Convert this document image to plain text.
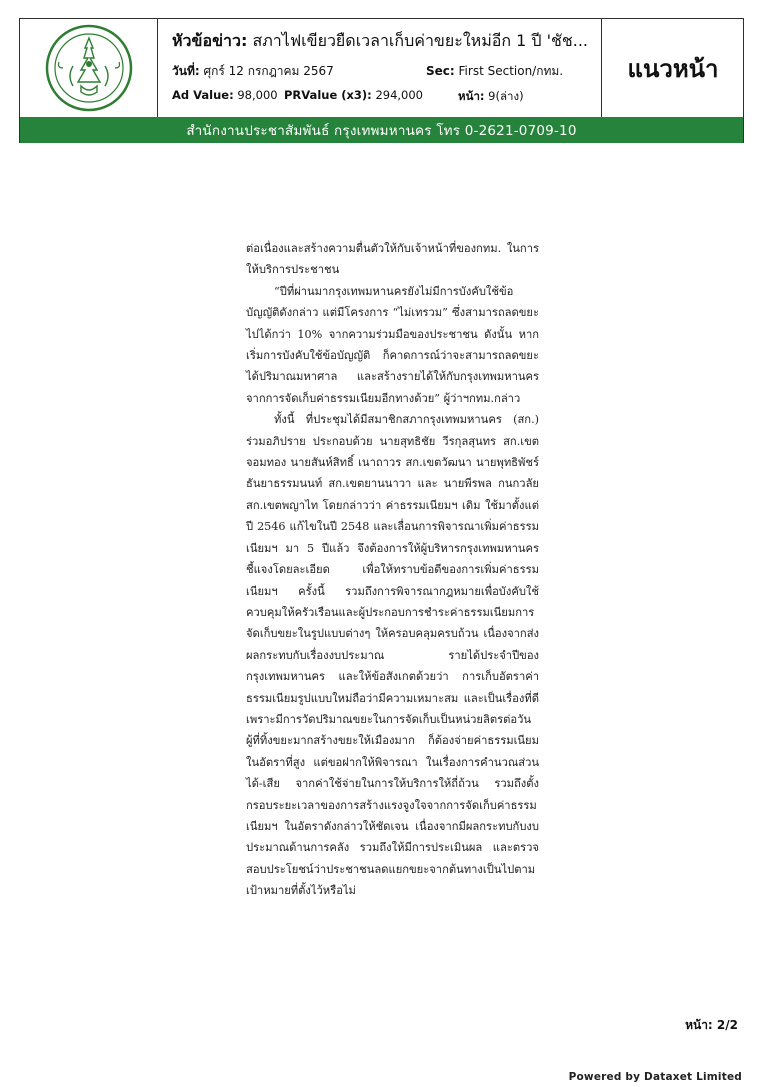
หัวข้อข่าว: สภาไฟเขียวยืดเวลาเก็บค่าขยะใหม่อีก 1 ปี 'ชัช...
วันที่: ศุกร์ 12 กรกฎาคม 2567	Sec: First Section/กทม.
Ad Value: 98,000 PRValue (x3): 294,000	หน้า: 9(ล่าง)
แนวหน้า
สำนักงานประชาสัมพันธ์ กรุงเทพมหานคร โทร 0-2621-0709-10

ต่อเนื่องและสร้างความตื่นตัวให้กับเจ้าหน้าที่ของกทม. ในการให้บริการประชาชน

“ปีที่ผ่านมากรุงเทพมหานครยังไม่มีการบังคับใช้ข้อบัญญัติดังกล่าว แต่มีโครงการ “ไม่เทรวม” ซึ่งสามารถลดขยะไปได้กว่า 10% จากความร่วมมือของประชาชน ดังนั้น หากเริ่มการบังคับใช้ข้อบัญญัติ ก็คาดการณ์ว่าจะสามารถลดขยะได้ปริมาณมหาศาล และสร้างรายได้ให้กับกรุงเทพมหานครจากการจัดเก็บค่าธรรมเนียมอีกทางด้วย” ผู้ว่าฯกทม.กล่าว

ทั้งนี้ ที่ประชุมได้มีสมาชิกสภากรุงเทพมหานคร (สก.) ร่วมอภิปราย ประกอบด้วย นายสุทธิชัย วีรกุลสุนทร สก.เขตจอมทอง นายสันห์สิทธิ์ เนาถาวร สก.เขตวัฒนา นายพุทธิพัชร์ ธันยาธรรมนนท์ สก.เขตยานนาวา และ นายพีรพล กนกวลัย สก.เขตพญาไท โดยกล่าวว่า ค่าธรรมเนียมฯ เดิม ใช้มาตั้งแต่ปี 2546 แก้ไขในปี 2548 และเลื่อนการพิจารณาเพิ่มค่าธรรมเนียมฯ มา 5 ปีแล้ว จึงต้องการให้ผู้บริหารกรุงเทพมหานครชี้แจงโดยละเอียด เพื่อให้ทราบข้อดีของการเพิ่มค่าธรรมเนียมฯ ครั้งนี้ รวมถึงการพิจารณากฎหมายเพื่อบังคับใช้ควบคุมให้ครัวเรือนและผู้ประกอบการชำระค่าธรรมเนียมการจัดเก็บขยะในรูปแบบต่างๆ ให้ครอบคลุมครบถ้วน เนื่องจากส่งผลกระทบกับเรื่องงบประมาณ รายได้ประจำปีของกรุงเทพมหานคร และให้ข้อสังเกตด้วยว่า การเก็บอัตราค่าธรรมเนียมรูปแบบใหม่ถือว่ามีความเหมาะสม และเป็นเรื่องที่ดีเพราะมีการวัดปริมาณขยะในการจัดเก็บเป็นหน่วยลิตรต่อวัน ผู้ที่ทิ้งขยะมากสร้างขยะให้เมืองมาก ก็ต้องจ่ายค่าธรรมเนียมในอัตราที่สูง แต่ขอฝากให้พิจารณา ในเรื่องการคำนวณส่วนได้-เสีย จากค่าใช้จ่ายในการให้บริการให้ถี่ถ้วน รวมถึงตั้งกรอบระยะเวลาของการสร้างแรงจูงใจจากการจัดเก็บค่าธรรมเนียมฯ ในอัตราดังกล่าวให้ชัดเจน เนื่องจากมีผลกระทบกับงบประมาณด้านการคลัง รวมถึงให้มีการประเมินผล และตรวจสอบประโยชน์ว่าประชาชนลดแยกขยะจากต้นทางเป็นไปตามเป้าหมายที่ตั้งไว้หรือไม่

หน้า: 2/2
Powered by Dataxet Limited
